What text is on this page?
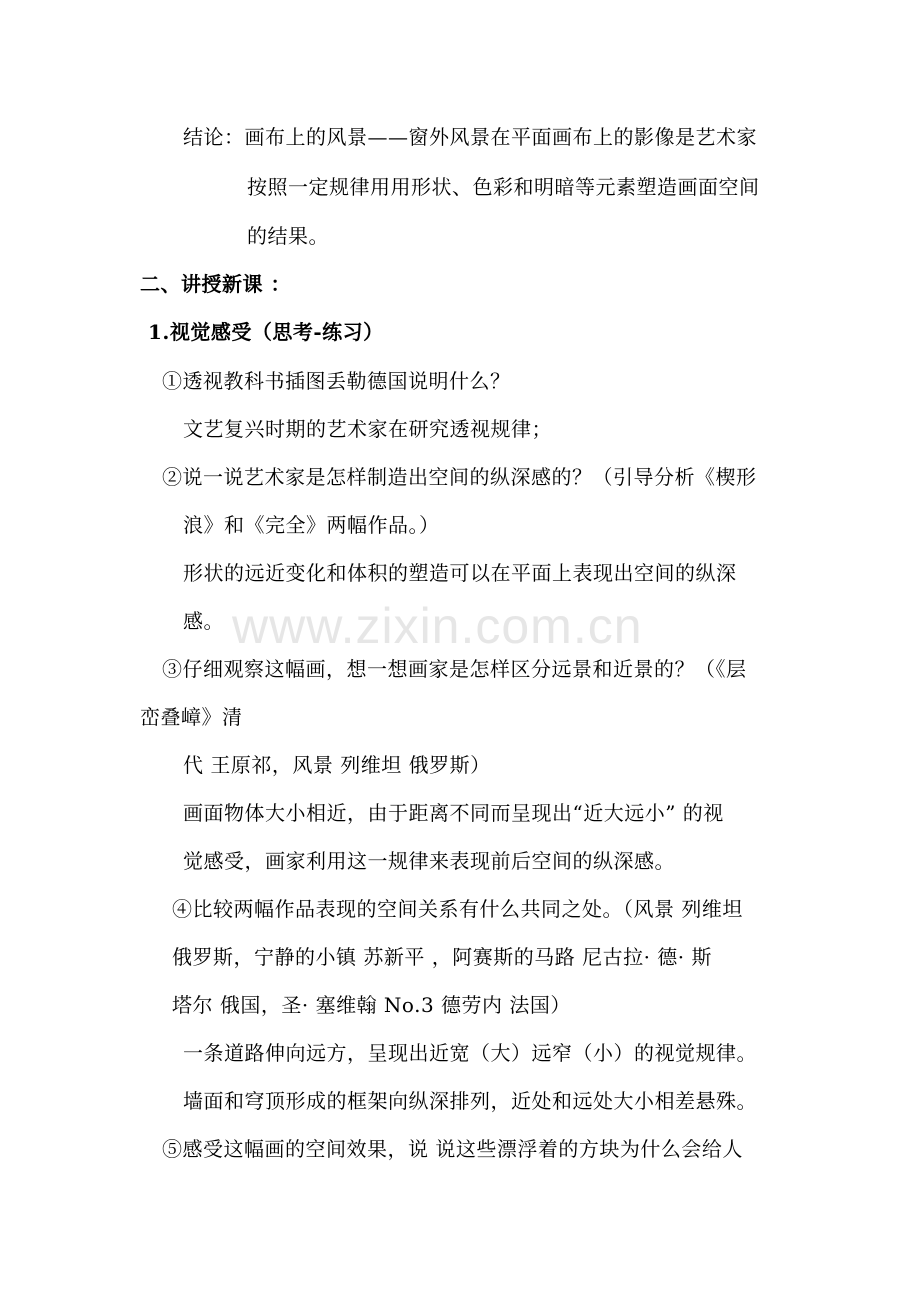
www.zixin.com.cn
结论：画布上的风景——窗外风景在平面画布上的影像是艺术家
按照一定规律用用形状、色彩和明暗等元素塑造画面空间
的结果。
二、讲授新课 ：
1.视觉感受（思考-练习）
①透视教科书插图丢勒德国说明什么？
文艺复兴时期的艺术家在研究透视规律；
②说一说艺术家是怎样制造出空间的纵深感的？（引导分析《楔形
浪》和《完全》两幅作品。）
形状的远近变化和体积的塑造可以在平面上表现出空间的纵深
感。
③仔细观察这幅画，想一想画家是怎样区分远景和近景的？（《层
峦叠嶂》清
代 王原祁，风景 列维坦 俄罗斯）
画面物体大小相近，由于距离不同而呈现出“近大远小” 的视
觉感受，画家利用这一规律来表现前后空间的纵深感。
④比较两幅作品表现的空间关系有什么共同之处。（风景 列维坦
俄罗斯，宁静的小镇 苏新平 ，阿赛斯的马路 尼古拉· 德· 斯
塔尔 俄国，圣· 塞维翰 No.3 德劳内 法国）
一条道路伸向远方，呈现出近宽（大）远窄（小）的视觉规律。
墙面和穹顶形成的框架向纵深排列，近处和远处大小相差悬殊。
⑤感受这幅画的空间效果，说 说这些漂浮着的方块为什么会给人
